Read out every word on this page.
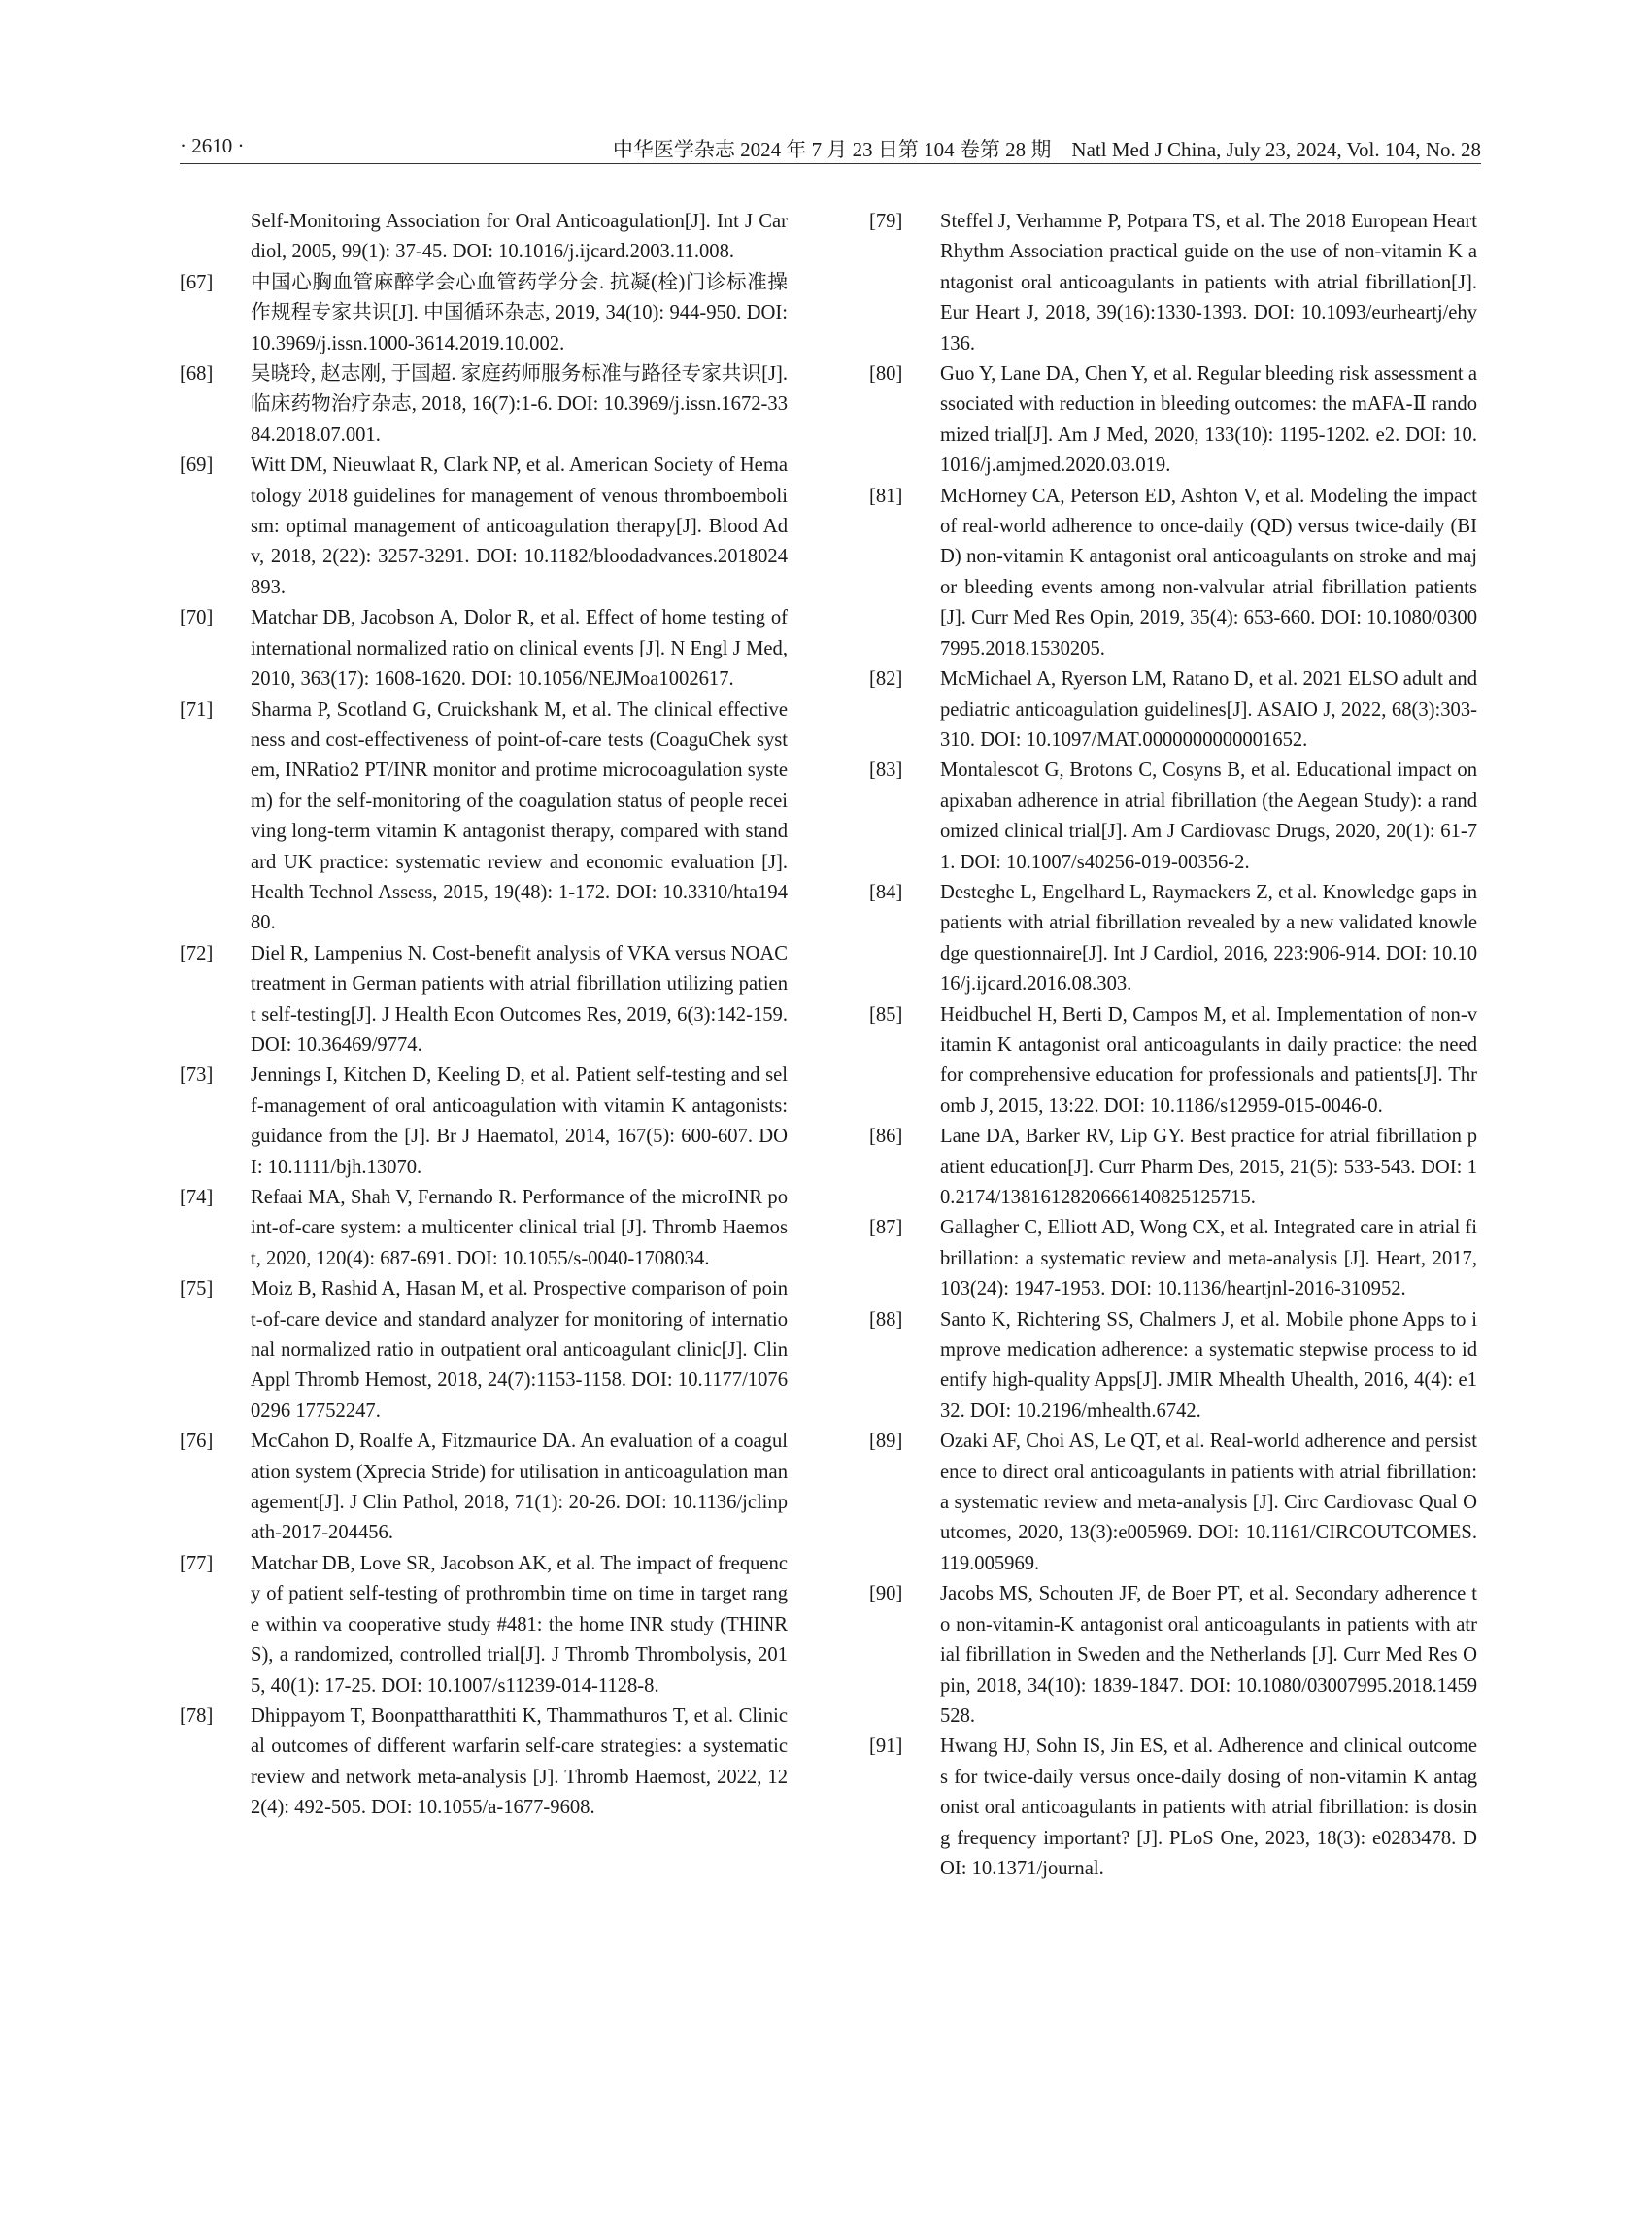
· 2610 ·	中华医学杂志 2024 年 7 月 23 日第 104 卷第 28 期　Natl Med J China, July 23, 2024, Vol. 104, No. 28

Self-Monitoring Association for Oral Anticoagulation[J]. Int J Cardiol, 2005, 99(1): 37-45. DOI: 10.1016/j.ijcard.2003.11.008.

[67] 中国心胸血管麻醉学会心血管药学分会. 抗凝(栓)门诊标准操作规程专家共识[J]. 中国循环杂志, 2019, 34(10): 944-950. DOI: 10.3969/j.issn.1000-3614.2019.10.002.

[68] 吴晓玲, 赵志刚, 于国超. 家庭药师服务标准与路径专家共识[J]. 临床药物治疗杂志, 2018, 16(7):1-6. DOI: 10.3969/j.issn.1672-3384.2018.07.001.

[69] Witt DM, Nieuwlaat R, Clark NP, et al. American Society of Hematology 2018 guidelines for management of venous thromboembolism: optimal management of anticoagulation therapy[J]. Blood Adv, 2018, 2(22): 3257-3291. DOI: 10.1182/bloodadvances.2018024893.

[70] Matchar DB, Jacobson A, Dolor R, et al. Effect of home testing of international normalized ratio on clinical events [J]. N Engl J Med, 2010, 363(17): 1608-1620. DOI: 10.1056/NEJMoa1002617.

[71] Sharma P, Scotland G, Cruickshank M, et al. The clinical effectiveness and cost-effectiveness of point-of-care tests (CoaguChek system, INRatio2 PT/INR monitor and protime microcoagulation system) for the self-monitoring of the coagulation status of people receiving long-term vitamin K antagonist therapy, compared with standard UK practice: systematic review and economic evaluation [J]. Health Technol Assess, 2015, 19(48): 1-172. DOI: 10.3310/hta19480.

[72] Diel R, Lampenius N. Cost-benefit analysis of VKA versus NOAC treatment in German patients with atrial fibrillation utilizing patient self-testing[J]. J Health Econ Outcomes Res, 2019, 6(3):142-159. DOI: 10.36469/9774.

[73] Jennings I, Kitchen D, Keeling D, et al. Patient self-testing and self-management of oral anticoagulation with vitamin K antagonists: guidance from the [J]. Br J Haematol, 2014, 167(5): 600-607. DOI: 10.1111/bjh.13070.

[74] Refaai MA, Shah V, Fernando R. Performance of the microINR point-of-care system: a multicenter clinical trial [J]. Thromb Haemost, 2020, 120(4): 687-691. DOI: 10.1055/s-0040-1708034.

[75] Moiz B, Rashid A, Hasan M, et al. Prospective comparison of point-of-care device and standard analyzer for monitoring of international normalized ratio in outpatient oral anticoagulant clinic[J]. Clin Appl Thromb Hemost, 2018, 24(7):1153-1158. DOI: 10.1177/10760296 17752247.

[76] McCahon D, Roalfe A, Fitzmaurice DA. An evaluation of a coagulation system (Xprecia Stride) for utilisation in anticoagulation management[J]. J Clin Pathol, 2018, 71(1): 20-26. DOI: 10.1136/jclinpath-2017-204456.

[77] Matchar DB, Love SR, Jacobson AK, et al. The impact of frequency of patient self-testing of prothrombin time on time in target range within va cooperative study #481: the home INR study (THINRS), a randomized, controlled trial[J]. J Thromb Thrombolysis, 2015, 40(1): 17-25. DOI: 10.1007/s11239-014-1128-8.

[78] Dhippayom T, Boonpattharatthiti K, Thammathuros T, et al. Clinical outcomes of different warfarin self-care strategies: a systematic review and network meta-analysis [J]. Thromb Haemost, 2022, 122(4): 492-505. DOI: 10.1055/a-1677-9608.

[79] Steffel J, Verhamme P, Potpara TS, et al. The 2018 European Heart Rhythm Association practical guide on the use of non-vitamin K antagonist oral anticoagulants in patients with atrial fibrillation[J]. Eur Heart J, 2018, 39(16):1330-1393. DOI: 10.1093/eurheartj/ehy136.

[80] Guo Y, Lane DA, Chen Y, et al. Regular bleeding risk assessment associated with reduction in bleeding outcomes: the mAFA-Ⅱ randomized trial[J]. Am J Med, 2020, 133(10): 1195-1202. e2. DOI: 10.1016/j.amjmed.2020.03.019.

[81] McHorney CA, Peterson ED, Ashton V, et al. Modeling the impact of real-world adherence to once-daily (QD) versus twice-daily (BID) non-vitamin K antagonist oral anticoagulants on stroke and major bleeding events among non-valvular atrial fibrillation patients[J]. Curr Med Res Opin, 2019, 35(4): 653-660. DOI: 10.1080/03007995.2018.1530205.

[82] McMichael A, Ryerson LM, Ratano D, et al. 2021 ELSO adult and pediatric anticoagulation guidelines[J]. ASAIO J, 2022, 68(3):303-310. DOI: 10.1097/MAT.0000000000001652.

[83] Montalescot G, Brotons C, Cosyns B, et al. Educational impact on apixaban adherence in atrial fibrillation (the Aegean Study): a randomized clinical trial[J]. Am J Cardiovasc Drugs, 2020, 20(1): 61-71. DOI: 10.1007/s40256-019-00356-2.

[84] Desteghe L, Engelhard L, Raymaekers Z, et al. Knowledge gaps in patients with atrial fibrillation revealed by a new validated knowledge questionnaire[J]. Int J Cardiol, 2016, 223:906-914. DOI: 10.1016/j.ijcard.2016.08.303.

[85] Heidbuchel H, Berti D, Campos M, et al. Implementation of non-vitamin K antagonist oral anticoagulants in daily practice: the need for comprehensive education for professionals and patients[J]. Thromb J, 2015, 13:22. DOI: 10.1186/s12959-015-0046-0.

[86] Lane DA, Barker RV, Lip GY. Best practice for atrial fibrillation patient education[J]. Curr Pharm Des, 2015, 21(5): 533-543. DOI: 10.2174/1381612820666140825125715.

[87] Gallagher C, Elliott AD, Wong CX, et al. Integrated care in atrial fibrillation: a systematic review and meta-analysis [J]. Heart, 2017, 103(24): 1947-1953. DOI: 10.1136/heartjnl-2016-310952.

[88] Santo K, Richtering SS, Chalmers J, et al. Mobile phone Apps to improve medication adherence: a systematic stepwise process to identify high-quality Apps[J]. JMIR Mhealth Uhealth, 2016, 4(4): e132. DOI: 10.2196/mhealth.6742.

[89] Ozaki AF, Choi AS, Le QT, et al. Real-world adherence and persistence to direct oral anticoagulants in patients with atrial fibrillation: a systematic review and meta-analysis [J]. Circ Cardiovasc Qual Outcomes, 2020, 13(3):e005969. DOI: 10.1161/CIRCOUTCOMES.119.005969.

[90] Jacobs MS, Schouten JF, de Boer PT, et al. Secondary adherence to non-vitamin-K antagonist oral anticoagulants in patients with atrial fibrillation in Sweden and the Netherlands [J]. Curr Med Res Opin, 2018, 34(10): 1839-1847. DOI: 10.1080/03007995.2018.1459528.

[91] Hwang HJ, Sohn IS, Jin ES, et al. Adherence and clinical outcomes for twice-daily versus once-daily dosing of non-vitamin K antagonist oral anticoagulants in patients with atrial fibrillation: is dosing frequency important? [J]. PLoS One, 2023, 18(3): e0283478. DOI: 10.1371/journal.
